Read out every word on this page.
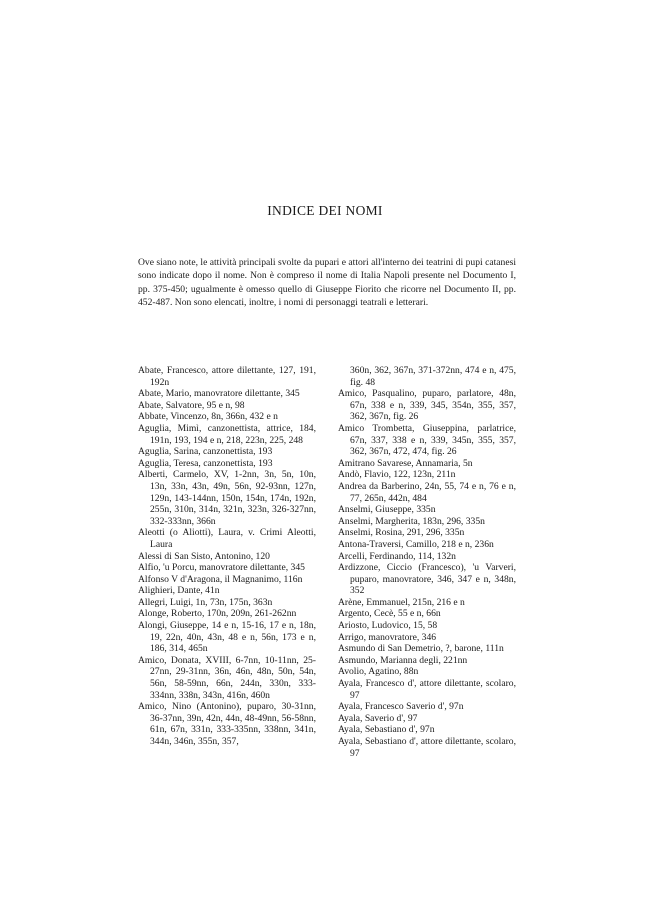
INDICE DEI NOMI
Ove siano note, le attività principali svolte da pupari e attori all'interno dei teatrini di pupi catanesi sono indicate dopo il nome. Non è compreso il nome di Italia Napoli presente nel Documento I, pp. 375-450; ugualmente è omesso quello di Giuseppe Fiorito che ricorre nel Documento II, pp. 452-487. Non sono elencati, inoltre, i nomi di personaggi teatrali e letterari.
Abate, Francesco, attore dilettante, 127, 191, 192n
Abate, Mario, manovratore dilettante, 345
Abate, Salvatore, 95 e n, 98
Abbate, Vincenzo, 8n, 366n, 432 e n
Aguglia, Mimì, canzonettista, attrice, 184, 191n, 193, 194 e n, 218, 223n, 225, 248
Aguglia, Sarina, canzonettista, 193
Aguglia, Teresa, canzonettista, 193
Alberti, Carmelo, XV, 1-2nn, 3n, 5n, 10n, 13n, 33n, 43n, 49n, 56n, 92-93nn, 127n, 129n, 143-144nn, 150n, 154n, 174n, 192n, 255n, 310n, 314n, 321n, 323n, 326-327nn, 332-333nn, 366n
Aleotti (o Aliotti), Laura, v. Crimi Aleotti, Laura
Alessi di San Sisto, Antonino, 120
Alfio, 'u Porcu, manovratore dilettante, 345
Alfonso V d'Aragona, il Magnanimo, 116n
Alighieri, Dante, 41n
Allegri, Luigi, 1n, 73n, 175n, 363n
Alonge, Roberto, 170n, 209n, 261-262nn
Alongi, Giuseppe, 14 e n, 15-16, 17 e n, 18n, 19, 22n, 40n, 43n, 48 e n, 56n, 173 e n, 186, 314, 465n
Amico, Donata, XVIII, 6-7nn, 10-11nn, 25-27nn, 29-31nn, 36n, 46n, 48n, 50n, 54n, 56n, 58-59nn, 66n, 244n, 330n, 333-334nn, 338n, 343n, 416n, 460n
Amico, Nino (Antonino), puparo, 30-31nn, 36-37nn, 39n, 42n, 44n, 48-49nn, 56-58nn, 61n, 67n, 331n, 333-335nn, 338nn, 341n, 344n, 346n, 355n, 357,
360n, 362, 367n, 371-372nn, 474 e n, 475, fig. 48
Amico, Pasqualino, puparo, parlatore, 48n, 67n, 338 e n, 339, 345, 354n, 355, 357, 362, 367n, fig. 26
Amico Trombetta, Giuseppina, parlatrice, 67n, 337, 338 e n, 339, 345n, 355, 357, 362, 367n, 472, 474, fig. 26
Amitrano Savarese, Annamaria, 5n
Andò, Flavio, 122, 123n, 211n
Andrea da Barberino, 24n, 55, 74 e n, 76 e n, 77, 265n, 442n, 484
Anselmi, Giuseppe, 335n
Anselmi, Margherita, 183n, 296, 335n
Anselmi, Rosina, 291, 296, 335n
Antona-Traversi, Camillo, 218 e n, 236n
Arcelli, Ferdinando, 114, 132n
Ardizzone, Ciccio (Francesco), 'u Varveri, puparo, manovratore, 346, 347 e n, 348n, 352
Arène, Emmanuel, 215n, 216 e n
Argento, Cecè, 55 e n, 66n
Ariosto, Ludovico, 15, 58
Arrigo, manovratore, 346
Asmundo di San Demetrio, ?, barone, 111n
Asmundo, Marianna degli, 221nn
Avolio, Agatino, 88n
Ayala, Francesco d', attore dilettante, scolaro, 97
Ayala, Francesco Saverio d', 97n
Ayala, Saverio d', 97
Ayala, Sebastiano d', 97n
Ayala, Sebastiano d', attore dilettante, scolaro, 97
